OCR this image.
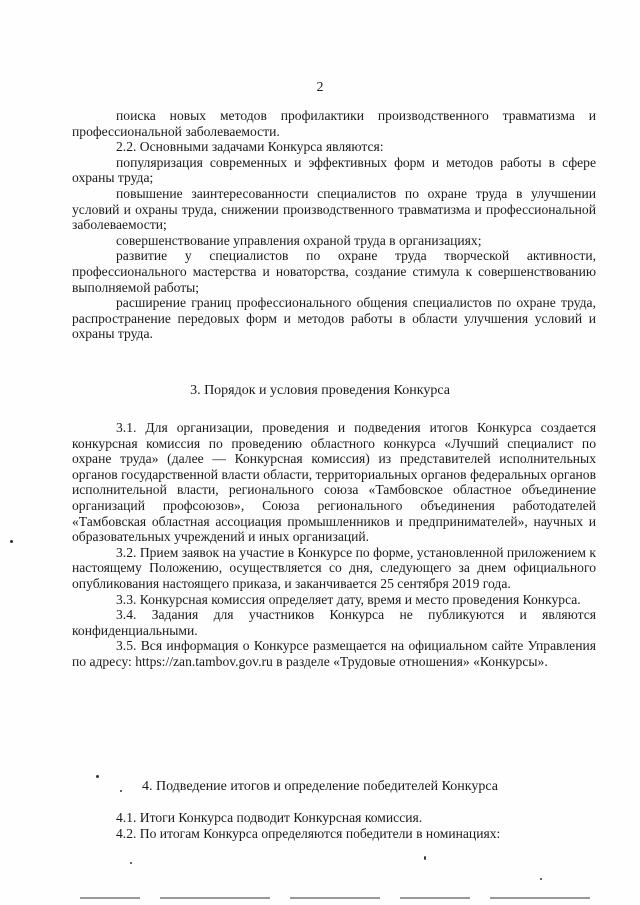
2

поиска новых методов профилактики производственного травматизма и профессиональной заболеваемости.

2.2. Основными задачами Конкурса являются:

популяризация современных и эффективных форм и методов работы в сфере охраны труда;

повышение заинтересованности специалистов по охране труда в улучшении условий и охраны труда, снижении производственного травматизма и профессиональной заболеваемости;

совершенствование управления охраной труда в организациях;

развитие у специалистов по охране труда творческой активности, профессионального мастерства и новаторства, создание стимула к совершенствованию выполняемой работы;

расширение границ профессионального общения специалистов по охране труда, распространение передовых форм и методов работы в области улучшения условий и охраны труда.

3. Порядок и условия проведения Конкурса

3.1. Для организации, проведения и подведения итогов Конкурса создается конкурсная комиссия по проведению областного конкурса «Лучший специалист по охране труда» (далее — Конкурсная комиссия) из представителей исполнительных органов государственной власти области, территориальных органов федеральных органов исполнительной власти, регионального союза «Тамбовское областное объединение организаций профсоюзов», Союза регионального объединения работодателей «Тамбовская областная ассоциация промышленников и предпринимателей», научных и образовательных учреждений и иных организаций.

3.2. Прием заявок на участие в Конкурсе по форме, установленной приложением к настоящему Положению, осуществляется со дня, следующего за днем официального опубликования настоящего приказа, и заканчивается 25 сентября 2019 года.

3.3. Конкурсная комиссия определяет дату, время и место проведения Конкурса.

3.4. Задания для участников Конкурса не публикуются и являются конфиденциальными.

3.5. Вся информация о Конкурсе размещается на официальном сайте Управления по адресу: https://zan.tambov.gov.ru в разделе «Трудовые отношения» «Конкурсы».

4. Подведение итогов и определение победителей Конкурса

4.1. Итоги Конкурса подводит Конкурсная комиссия.

4.2. По итогам Конкурса определяются победители в номинациях:
